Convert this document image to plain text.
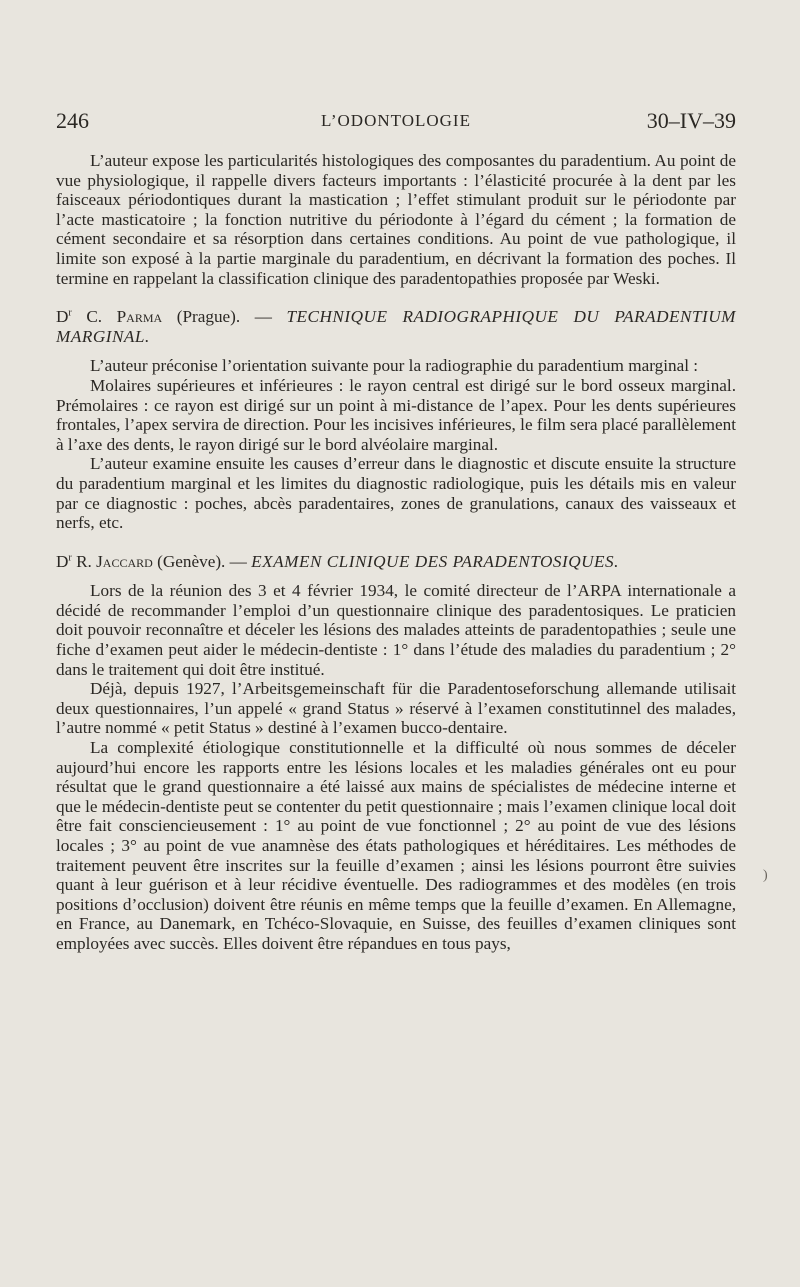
246	L’ODONTOLOGIE	30–IV–39

L’auteur expose les particularités histologiques des composantes du paradentium. Au point de vue physiologique, il rappelle divers facteurs importants : l’élasticité procurée à la dent par les faisceaux périodontiques durant la mastication ; l’effet stimulant produit sur le périodonte par l’acte masticatoire ; la fonction nutritive du périodonte à l’égard du cément ; la formation de cément secondaire et sa résorption dans certaines conditions. Au point de vue pathologique, il limite son exposé à la partie marginale du paradentium, en décrivant la formation des poches. Il termine en rappelant la classification clinique des paradentopathies proposée par Weski.

$D^r$ C. Parma (Prague). — TECHNIQUE RADIOGRAPHIQUE DU PARADENTIUM MARGINAL.

L’auteur préconise l’orientation suivante pour la radiographie du paradentium marginal :

Molaires supérieures et inférieures : le rayon central est dirigé sur le bord osseux marginal. Prémolaires : ce rayon est dirigé sur un point à mi-distance de l’apex. Pour les dents supérieures frontales, l’apex servira de direction. Pour les incisives inférieures, le film sera placé parallèlement à l’axe des dents, le rayon dirigé sur le bord alvéolaire marginal.

L’auteur examine ensuite les causes d’erreur dans le diagnostic et discute ensuite la structure du paradentium marginal et les limites du diagnostic radiologique, puis les détails mis en valeur par ce diagnostic : poches, abcès paradentaires, zones de granulations, canaux des vaisseaux et nerfs, etc.

$D^r$ R. Jaccard (Genève). — EXAMEN CLINIQUE DES PARADENTOSIQUES.

Lors de la réunion des 3 et 4 février 1934, le comité directeur de l’ARPA internationale a décidé de recommander l’emploi d’un questionnaire clinique des paradentosiques. Le praticien doit pouvoir reconnaître et déceler les lésions des malades atteints de paradentopathies ; seule une fiche d’examen peut aider le médecin-dentiste : 1° dans l’étude des maladies du paradentium ; 2° dans le traitement qui doit être institué.

Déjà, depuis 1927, l’Arbeitsgemeinschaft für die Paradentoseforschung allemande utilisait deux questionnaires, l’un appelé « grand Status » réservé à l’examen constitutinnel des malades, l’autre nommé « petit Status » destiné à l’examen bucco-dentaire.

La complexité étiologique constitutionnelle et la difficulté où nous sommes de déceler aujourd’hui encore les rapports entre les lésions locales et les maladies générales ont eu pour résultat que le grand questionnaire a été laissé aux mains de spécialistes de médecine interne et que le médecin-dentiste peut se contenter du petit questionnaire ; mais l’examen clinique local doit être fait consciencieusement : 1° au point de vue fonctionnel ; 2° au point de vue des lésions locales ; 3° au point de vue anamnèse des états pathologiques et héréditaires. Les méthodes de traitement peuvent être inscrites sur la feuille d’examen ; ainsi les lésions pourront être suivies quant à leur guérison et à leur récidive éventuelle. Des radiogrammes et des modèles (en trois positions d’occlusion) doivent être réunis en même temps que la feuille d’examen. En Allemagne, en France, au Danemark, en Tchéco-Slovaquie, en Suisse, des feuilles d’examen cliniques sont employées avec succès. Elles doivent être répandues en tous pays,

)
